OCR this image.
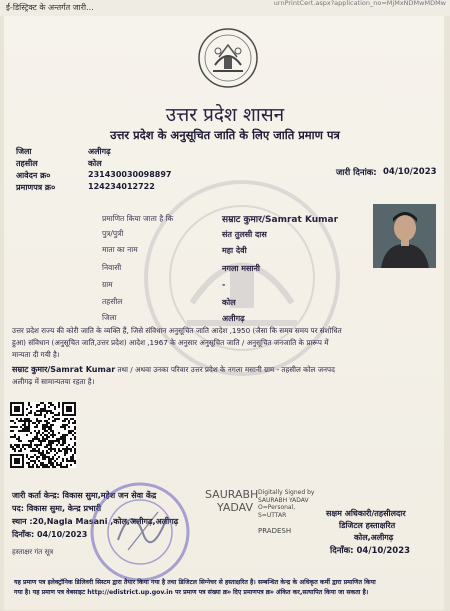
ई-डिस्ट्रिक्ट के अन्तर्गत जारी...	urnPrintCert.aspx?application_no=MjMxNDMwMDMw
उत्तर प्रदेश शासन
उत्तर प्रदेश के अनुसूचित जाति के लिए जाति प्रमाण पत्र
जिला	अलीगढ़
तहसील	कोल
आवेदन क्र०	231430030098897
प्रमाणपत्र क्र०	124234012722
जारी दिनांक: 04/10/2023
प्रमाणित किया जाता है कि	सम्राट कुमार/Samrat Kumar
पुत्र/पुत्री	संत तुलसी दास
माता का नाम	महा देवी
निवासी	नगला मसानी
ग्राम	-
तहसील	कोल
जिला	अलीगढ़
उत्तर प्रदेश राज्य की कोरी जाति के व्यक्ति हैं, जिसे संविधान अनुसूचित जाति आदेश ,1950 (जैसा कि समय समय पर संशोधित
हुआ) संविधान (अनुसूचित जाति,उत्तर प्रदेश) आदेश ,1967 के अनुसार अनुसूचित जाति / अनुसूचित जनजाति के प्रारूप में
मान्यता दी गयी है।
सम्राट कुमार/Samrat Kumar तथा / अथवा उनका परिवार उत्तर प्रदेश के नगला मसानी ग्राम - तहसील कोल जनपद
अलीगढ़ में सामान्यतया रहता है।
जारी कर्ता केन्द्र: विकास सुमा,महेश जन सेवा केंद्र
पद: विकास सुमा, केन्द्र प्रभारी
स्थान :20,Nagla Masani ,कोल,अलीगढ़,अलीगढ़
दिनाँक: 04/10/2023
हस्ताक्षर गंत सूत्र
SAURABH
YADAV
Digitally Signed by
SAURABH YADAV
O=Personal,
S=UTTAR
PRADESH
सक्षम अधिकारी/तहसीलदार
डिजिटल हस्ताक्षरित
कोल,अलीगढ़
दिनाँक: 04/10/2023
यह प्रमाण पत्र इलेक्ट्रॉनिक डिलिवरी सिस्टम द्वारा तैयार किया गया है तथा डिजिटल सिग्नेचर से हस्ताक्षरित है। सम्बन्धित केन्द्र के अधिकृत कर्मी द्वारा प्रमाणित किया
गया है। यह प्रमाण पत्र वेबसाइट http://edistrict.up.gov.in पर प्रमाण पत्र संख्या क्र० दिए प्रमाणपत्र क्र० अंकित कर,सत्यापित किया जा सकता है।
